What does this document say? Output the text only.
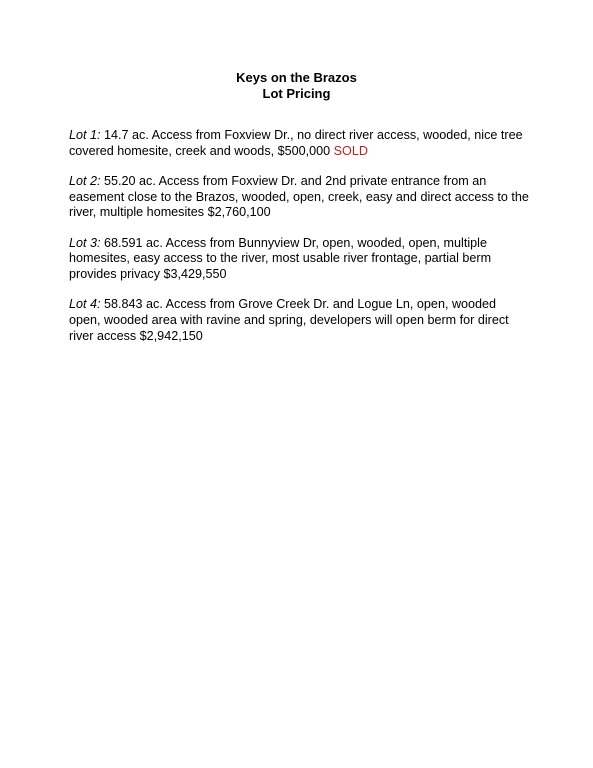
Keys on the Brazos
Lot Pricing

Lot 1: 14.7 ac. Access from Foxview Dr., no direct river access, wooded, nice tree covered homesite, creek and woods, $500,000 SOLD

Lot 2: 55.20 ac. Access from Foxview Dr. and 2nd private entrance from an easement close to the Brazos, wooded, open, creek, easy and direct access to the river, multiple homesites $2,760,100

Lot 3: 68.591 ac. Access from Bunnyview Dr, open, wooded, open, multiple homesites, easy access to the river, most usable river frontage, partial berm provides privacy $3,429,550

Lot 4: 58.843 ac. Access from Grove Creek Dr. and Logue Ln, open, wooded open, wooded area with ravine and spring, developers will open berm for direct river access $2,942,150
